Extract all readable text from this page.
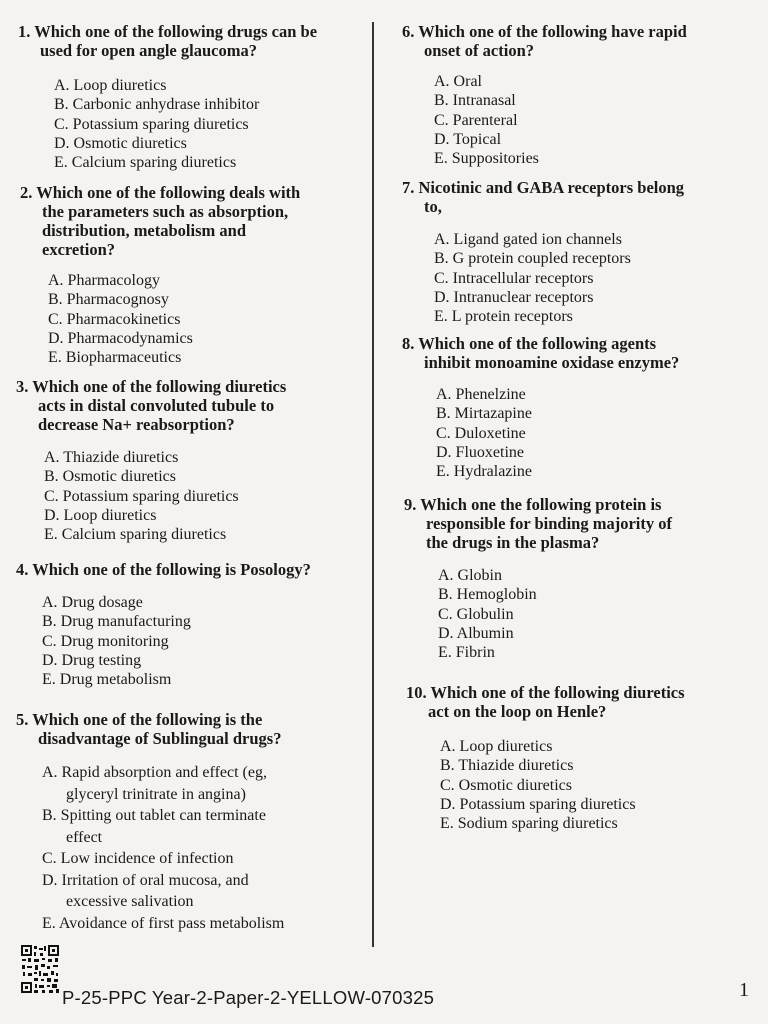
1. Which one of the following drugs can be
used for open angle glaucoma?

A. Loop diuretics
B. Carbonic anhydrase inhibitor
C. Potassium sparing diuretics
D. Osmotic diuretics
E. Calcium sparing diuretics

2. Which one of the following deals with
the parameters such as absorption,
distribution, metabolism and
excretion?

A. Pharmacology
B. Pharmacognosy
C. Pharmacokinetics
D. Pharmacodynamics
E. Biopharmaceutics

3. Which one of the following diuretics
acts in distal convoluted tubule to
decrease Na+ reabsorption?

A. Thiazide diuretics
B. Osmotic diuretics
C. Potassium sparing diuretics
D. Loop diuretics
E. Calcium sparing diuretics

4. Which one of the following is Posology?

A. Drug dosage
B. Drug manufacturing
C. Drug monitoring
D. Drug testing
E. Drug metabolism

5. Which one of the following is the
disadvantage of Sublingual drugs?

A. Rapid absorption and effect (eg,
glyceryl trinitrate in angina)
B. Spitting out tablet can terminate
effect
C. Low incidence of infection
D. Irritation of oral mucosa, and
excessive salivation
E. Avoidance of first pass metabolism

6. Which one of the following have rapid
onset of action?

A. Oral
B. Intranasal
C. Parenteral
D. Topical
E. Suppositories

7. Nicotinic and GABA receptors belong
to,

A. Ligand gated ion channels
B. G protein coupled receptors
C. Intracellular receptors
D. Intranuclear receptors
E. L protein receptors

8. Which one of the following agents
inhibit monoamine oxidase enzyme?

A. Phenelzine
B. Mirtazapine
C. Duloxetine
D. Fluoxetine
E. Hydralazine

9. Which one the following protein is
responsible for binding majority of
the drugs in the plasma?

A. Globin
B. Hemoglobin
C. Globulin
D. Albumin
E. Fibrin

10. Which one of the following diuretics
act on the loop on Henle?

A. Loop diuretics
B. Thiazide diuretics
C. Osmotic diuretics
D. Potassium sparing diuretics
E. Sodium sparing diuretics
P-25-PPC Year-2-Paper-2-YELLOW-070325	1
